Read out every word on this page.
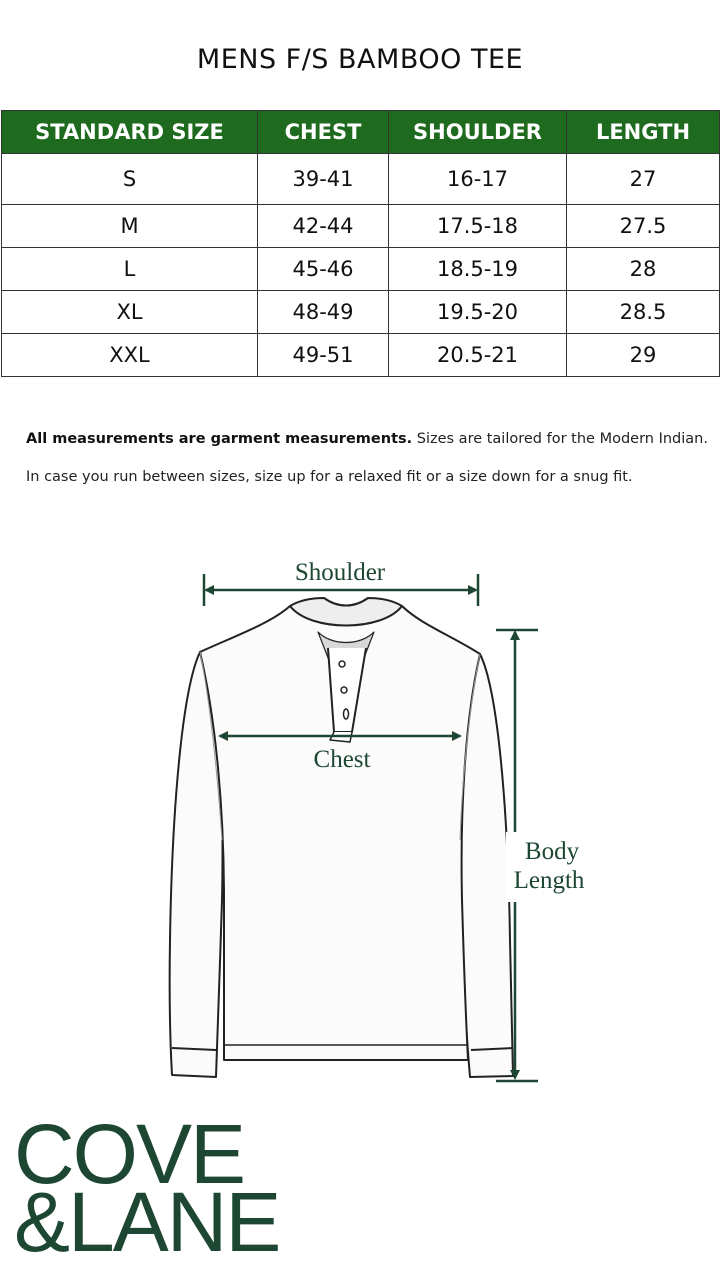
MENS F/S BAMBOO TEE
STANDARD SIZE	CHEST	SHOULDER	LENGTH
S	39-41	16-17	27
M	42-44	17.5-18	27.5
L	45-46	18.5-19	28
XL	48-49	19.5-20	28.5
XXL	49-51	20.5-21	29
All measurements are garment measurements. Sizes are tailored for the Modern Indian.
In case you run between sizes, size up for a relaxed fit or a size down for a snug fit.
Shoulder
Chest
Body
Length
COVE
&LANE
